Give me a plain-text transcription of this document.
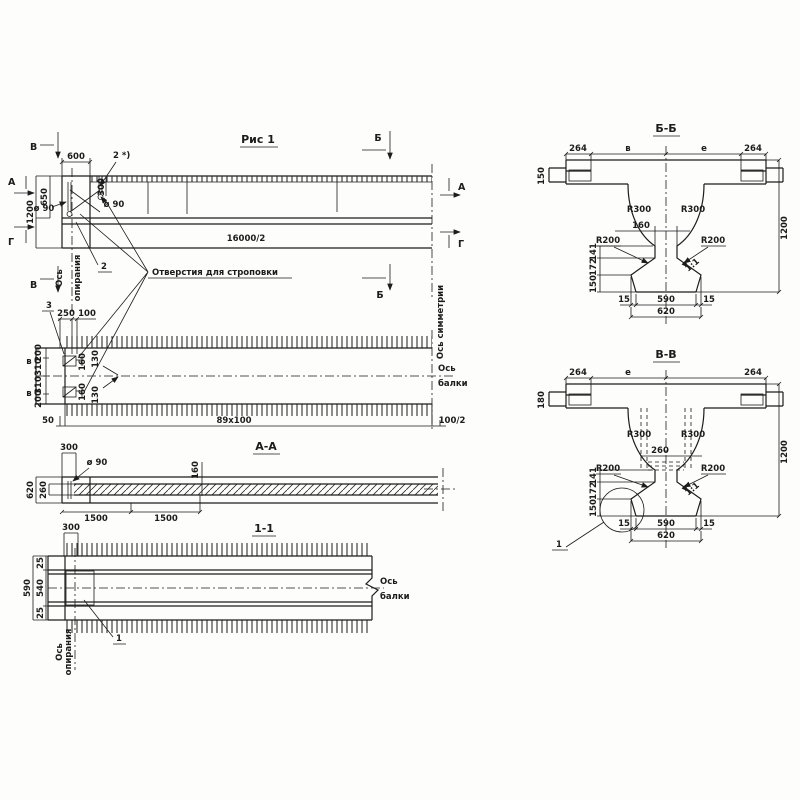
Рис 1
600
650
1200
300
ø 90	ø 90
2 *)
16000/2
В
В
Б
Б
А
Г
А
Г
Ось опирания	Отверстия для строповки
2
3
250 100
200
310
310
200
в
в
160 130
160 130
Ось симметрии
Ось
балки
50	89x100	100/2
А-А
300
ø 90	160
620 260
1500	1500
1-1
300
25
540
25
590	Ось
балки
Ось опирания	1
Б-Б
264	в	е	264
150
R300	R300
160
R200	R200
141
172
150
1:1
15	590	15
620
1200
В-В
264	е	264
180
R300	R300
260
R200	R200
141
172
150
1:1
1
15	590	15
620
1200
